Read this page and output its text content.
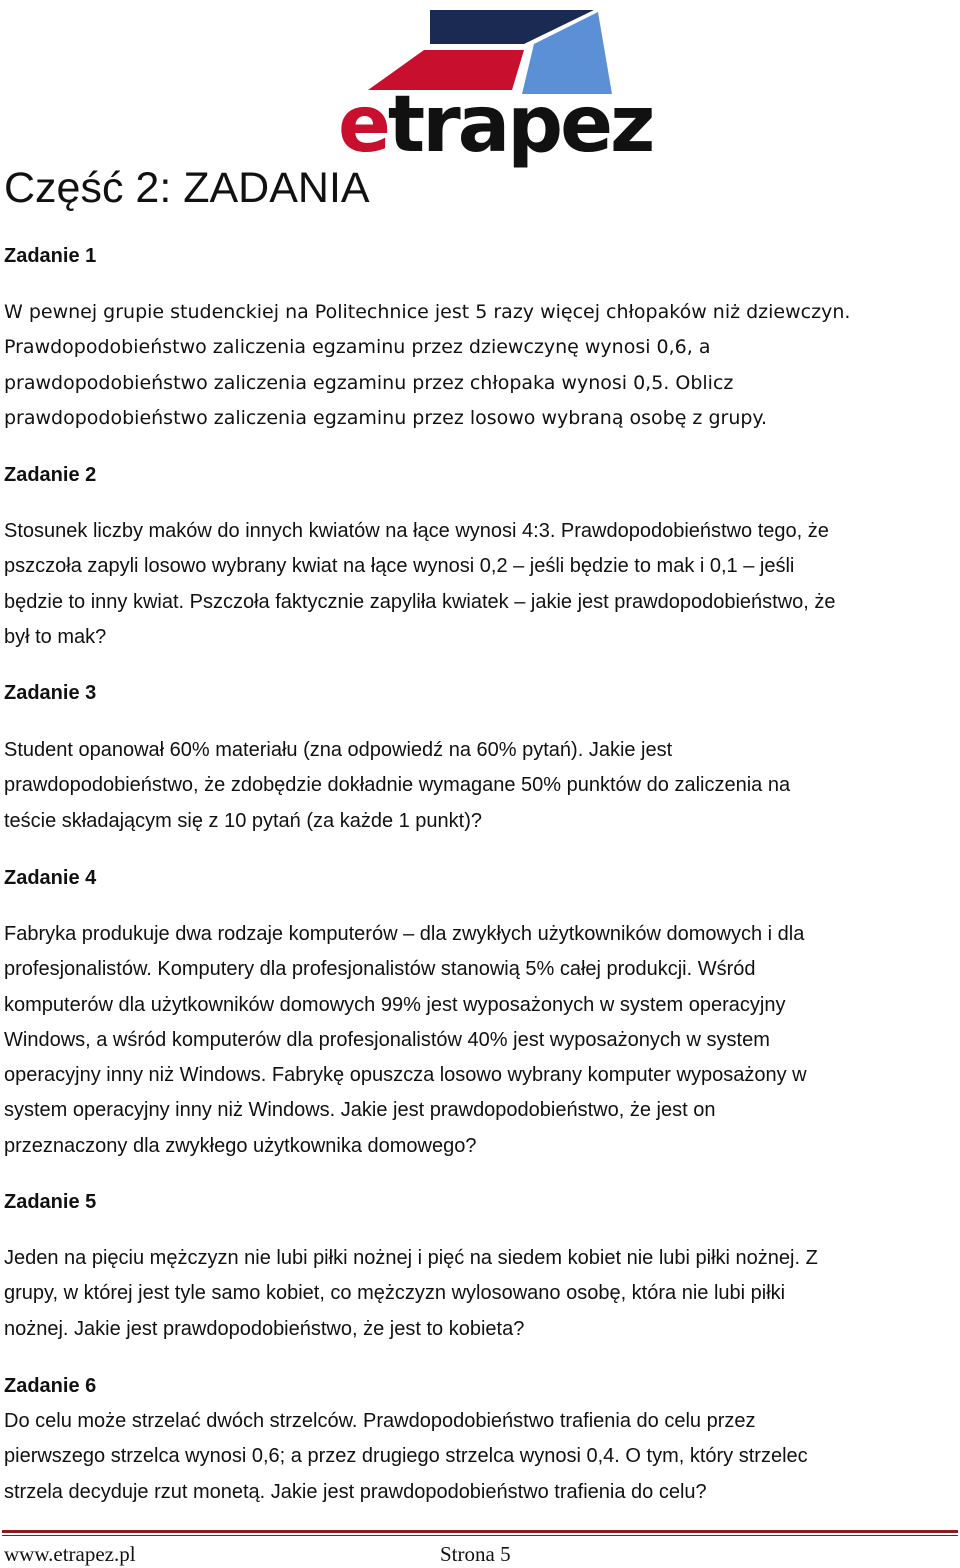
etrapez
Część 2: ZADANIA
Zadanie 1
W pewnej grupie studenckiej na Politechnice jest 5 razy więcej chłopaków niż dziewczyn.
Prawdopodobieństwo zaliczenia egzaminu przez dziewczynę wynosi 0,6, a
prawdopodobieństwo zaliczenia egzaminu przez chłopaka wynosi 0,5. Oblicz
prawdopodobieństwo zaliczenia egzaminu przez losowo wybraną osobę z grupy.
Zadanie 2
Stosunek liczby maków do innych kwiatów na łące wynosi 4:3. Prawdopodobieństwo tego, że
pszczoła zapyli losowo wybrany kwiat na łące wynosi 0,2 – jeśli będzie to mak i 0,1 – jeśli
będzie to inny kwiat. Pszczoła faktycznie zapyliła kwiatek – jakie jest prawdopodobieństwo, że
był to mak?
Zadanie 3
Student opanował 60% materiału (zna odpowiedź na 60% pytań). Jakie jest
prawdopodobieństwo, że zdobędzie dokładnie wymagane 50% punktów do zaliczenia na
teście składającym się z 10 pytań (za każde 1 punkt)?
Zadanie 4
Fabryka produkuje dwa rodzaje komputerów – dla zwykłych użytkowników domowych i dla
profesjonalistów. Komputery dla profesjonalistów stanowią 5% całej produkcji. Wśród
komputerów dla użytkowników domowych 99% jest wyposażonych w system operacyjny
Windows, a wśród komputerów dla profesjonalistów 40% jest wyposażonych w system
operacyjny inny niż Windows. Fabrykę opuszcza losowo wybrany komputer wyposażony w
system operacyjny inny niż Windows. Jakie jest prawdopodobieństwo, że jest on
przeznaczony dla zwykłego użytkownika domowego?
Zadanie 5
Jeden na pięciu mężczyzn nie lubi piłki nożnej i pięć na siedem kobiet nie lubi piłki nożnej. Z
grupy, w której jest tyle samo kobiet, co mężczyzn wylosowano osobę, która nie lubi piłki
nożnej. Jakie jest prawdopodobieństwo, że jest to kobieta?
Zadanie 6
Do celu może strzelać dwóch strzelców. Prawdopodobieństwo trafienia do celu przez
pierwszego strzelca wynosi 0,6; a przez drugiego strzelca wynosi 0,4. O tym, który strzelec
strzela decyduje rzut monetą. Jakie jest prawdopodobieństwo trafienia do celu?
www.etrapez.pl	Strona 5
